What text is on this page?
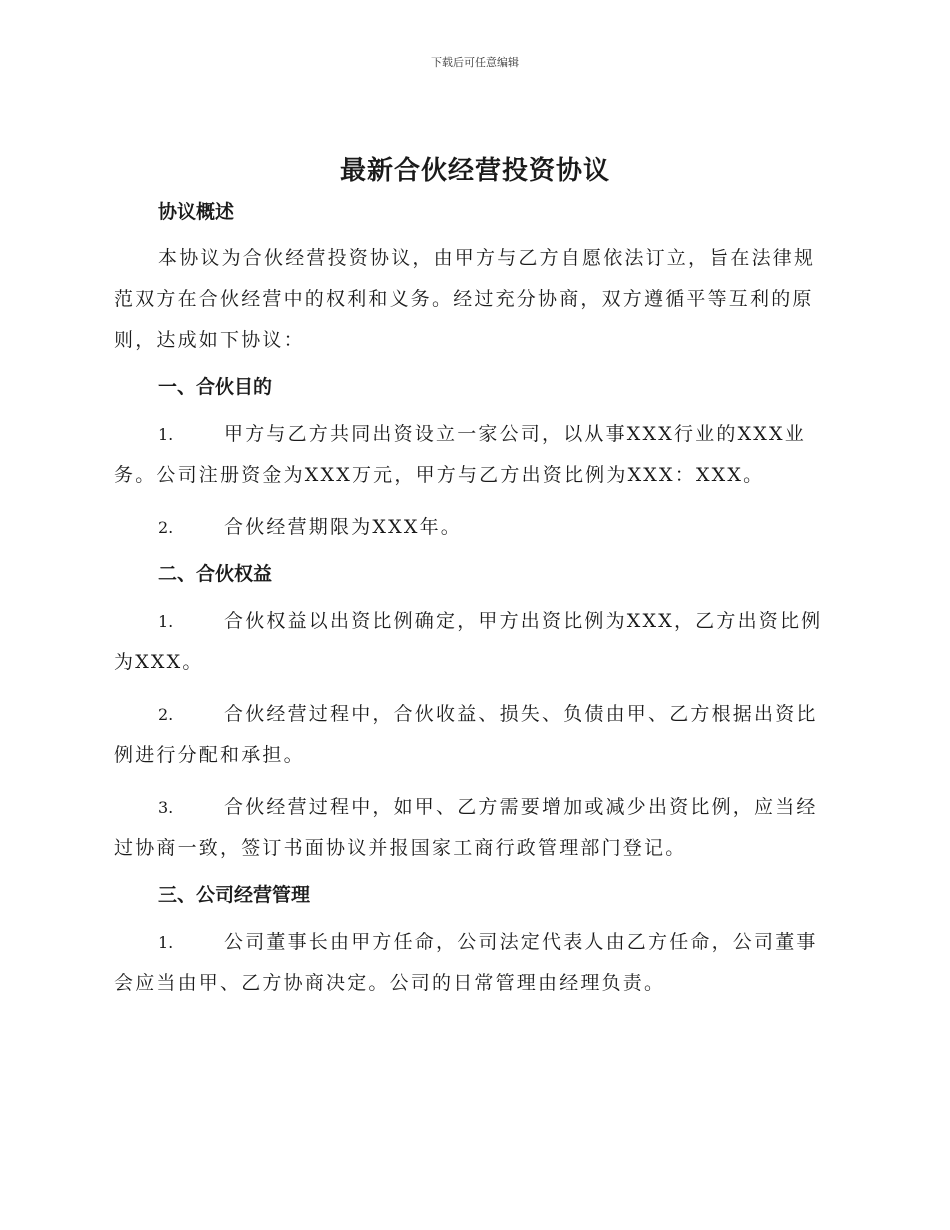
下载后可任意编辑
最新合伙经营投资协议
协议概述

本协议为合伙经营投资协议，由甲方与乙方自愿依法订立，旨在法律规范双方在合伙经营中的权利和义务。经过充分协商，双方遵循平等互利的原则，达成如下协议：

一、合伙目的

1.	甲方与乙方共同出资设立一家公司，以从事XXX行业的XXX业务。公司注册资金为XXX万元，甲方与乙方出资比例为XXX：XXX。

2.	合伙经营期限为XXX年。

二、合伙权益

1.	合伙权益以出资比例确定，甲方出资比例为XXX，乙方出资比例为XXX。

2.	合伙经营过程中，合伙收益、损失、负债由甲、乙方根据出资比例进行分配和承担。

3.	合伙经营过程中，如甲、乙方需要增加或减少出资比例，应当经过协商一致，签订书面协议并报国家工商行政管理部门登记。

三、公司经营管理

1.	公司董事长由甲方任命，公司法定代表人由乙方任命，公司董事会应当由甲、乙方协商决定。公司的日常管理由经理负责。
